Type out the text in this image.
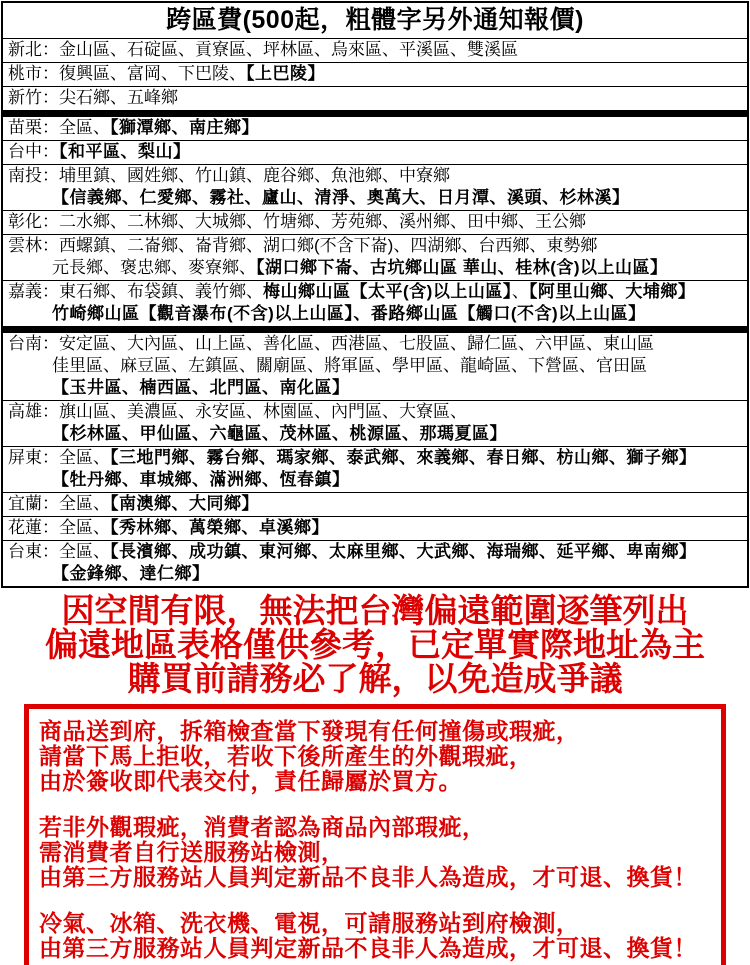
跨區費(500起，粗體字另外通知報價)
新北：金山區、石碇區、貢寮區、坪林區、烏來區、平溪區、雙溪區
桃市：復興區、富岡、下巴陵、【上巴陵】
新竹：尖石鄉、五峰鄉
苗栗：全區、【獅潭鄉、南庄鄉】
台中：【和平區、梨山】
南投：埔里鎮、國姓鄉、竹山鎮、鹿谷鄉、魚池鄉、中寮鄉
【信義鄉、仁愛鄉、霧社、廬山、清淨、奧萬大、日月潭、溪頭、杉林溪】
彰化：二水鄉、二林鄉、大城鄉、竹塘鄉、芳苑鄉、溪州鄉、田中鄉、王公鄉
雲林：西螺鎮、二崙鄉、崙背鄉、湖口鄉(不含下崙)、四湖鄉、台西鄉、東勢鄉
元長鄉、褒忠鄉、麥寮鄉、【湖口鄉下崙、古坑鄉山區 華山、桂林(含)以上山區】
嘉義：東石鄉、布袋鎮、義竹鄉、梅山鄉山區【太平(含)以上山區】、【阿里山鄉、大埔鄉】
竹崎鄉山區【觀音瀑布(不含)以上山區】、番路鄉山區【觸口(不含)以上山區】
台南：安定區、大內區、山上區、善化區、西港區、七股區、歸仁區、六甲區、東山區
佳里區、麻豆區、左鎮區、關廟區、將軍區、學甲區、龍崎區、下營區、官田區
【玉井區、楠西區、北門區、南化區】
高雄：旗山區、美濃區、永安區、林園區、內門區、大寮區、
【杉林區、甲仙區、六龜區、茂林區、桃源區、那瑪夏區】
屏東：全區、【三地門鄉、霧台鄉、瑪家鄉、泰武鄉、來義鄉、春日鄉、枋山鄉、獅子鄉】
【牡丹鄉、車城鄉、滿洲鄉、恆春鎮】
宜蘭：全區、【南澳鄉、大同鄉】
花蓮：全區、【秀林鄉、萬榮鄉、卓溪鄉】
台東：全區、【長濱鄉、成功鎮、東河鄉、太麻里鄉、大武鄉、海瑞鄉、延平鄉、卑南鄉】
【金鋒鄉、達仁鄉】
因空間有限，無法把台灣偏遠範圍逐筆列出
偏遠地區表格僅供參考，已定單實際地址為主
購買前請務必了解，以免造成爭議
商品送到府，拆箱檢查當下發現有任何撞傷或瑕疵，
請當下馬上拒收，若收下後所產生的外觀瑕疵，
由於簽收即代表交付，責任歸屬於買方。
若非外觀瑕疵，消費者認為商品內部瑕疵，
需消費者自行送服務站檢測，
由第三方服務站人員判定新品不良非人為造成，才可退、換貨！
冷氣、冰箱、洗衣機、電視，可請服務站到府檢測，
由第三方服務站人員判定新品不良非人為造成，才可退、換貨！
